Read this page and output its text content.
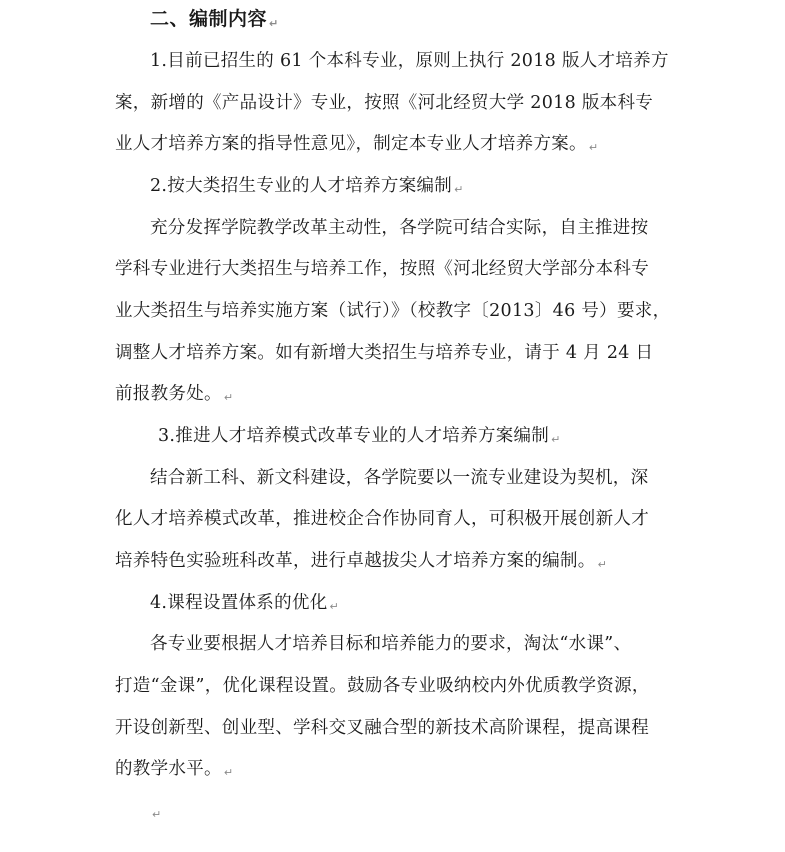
二、编制内容 ↵
1.目前已招生的 61 个本科专业，原则上执行 2018 版人才培养方
案，新增的《产品设计》专业，按照《河北经贸大学 2018 版本科专
业人才培养方案的指导性意见》，制定本专业人才培养方案。 ↵
2.按大类招生专业的人才培养方案编制 ↵
充分发挥学院教学改革主动性，各学院可结合实际，自主推进按
学科专业进行大类招生与培养工作，按照《河北经贸大学部分本科专
业大类招生与培养实施方案（试行）》（校教字〔2013〕46 号）要求，
调整人才培养方案。如有新增大类招生与培养专业，请于 4 月 24 日
前报教务处。 ↵
3.推进人才培养模式改革专业的人才培养方案编制 ↵
结合新工科、新文科建设，各学院要以一流专业建设为契机，深
化人才培养模式改革，推进校企合作协同育人，可积极开展创新人才
培养特色实验班科改革，进行卓越拔尖人才培养方案的编制。 ↵
4.课程设置体系的优化 ↵
各专业要根据人才培养目标和培养能力的要求，淘汰“水课”、
打造“金课”，优化课程设置。鼓励各专业吸纳校内外优质教学资源，
开设创新型、创业型、学科交叉融合型的新技术高阶课程，提高课程
的教学水平。 ↵
↵
